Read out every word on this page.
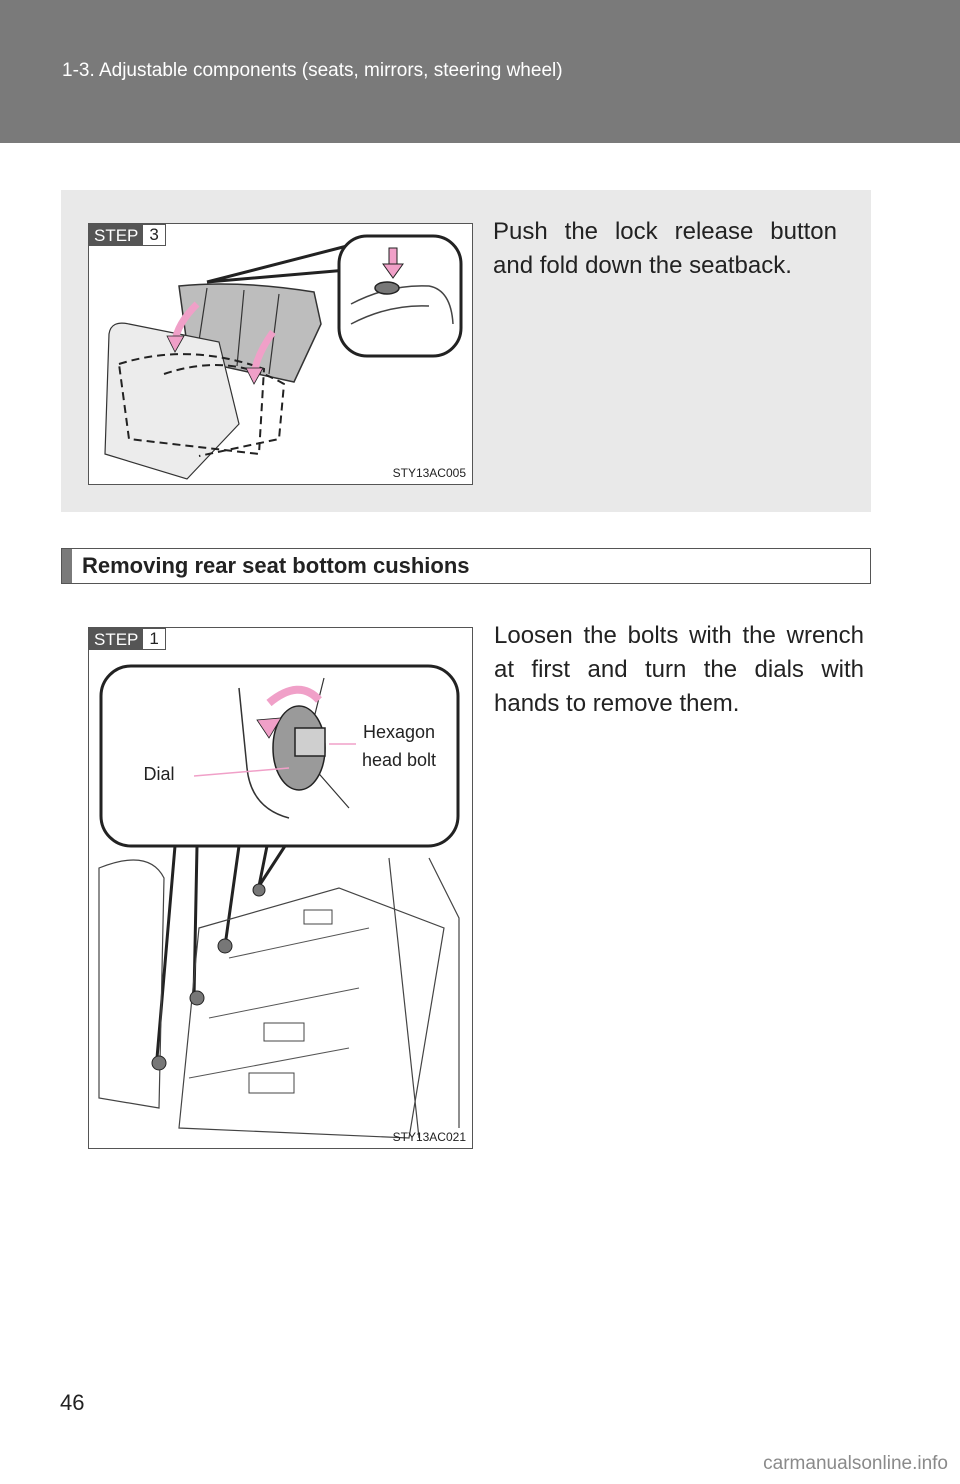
1-3. Adjustable components (seats, mirrors, steering wheel)
STEP 3
STY13AC005
Push the lock release button and fold down the seatback.
Removing rear seat bottom cushions
STEP 1
Hexagon
head bolt
Dial
STY13AC021
Loosen the bolts with the wrench at first and turn the dials with hands to remove them.
46
carmanualsonline.info
